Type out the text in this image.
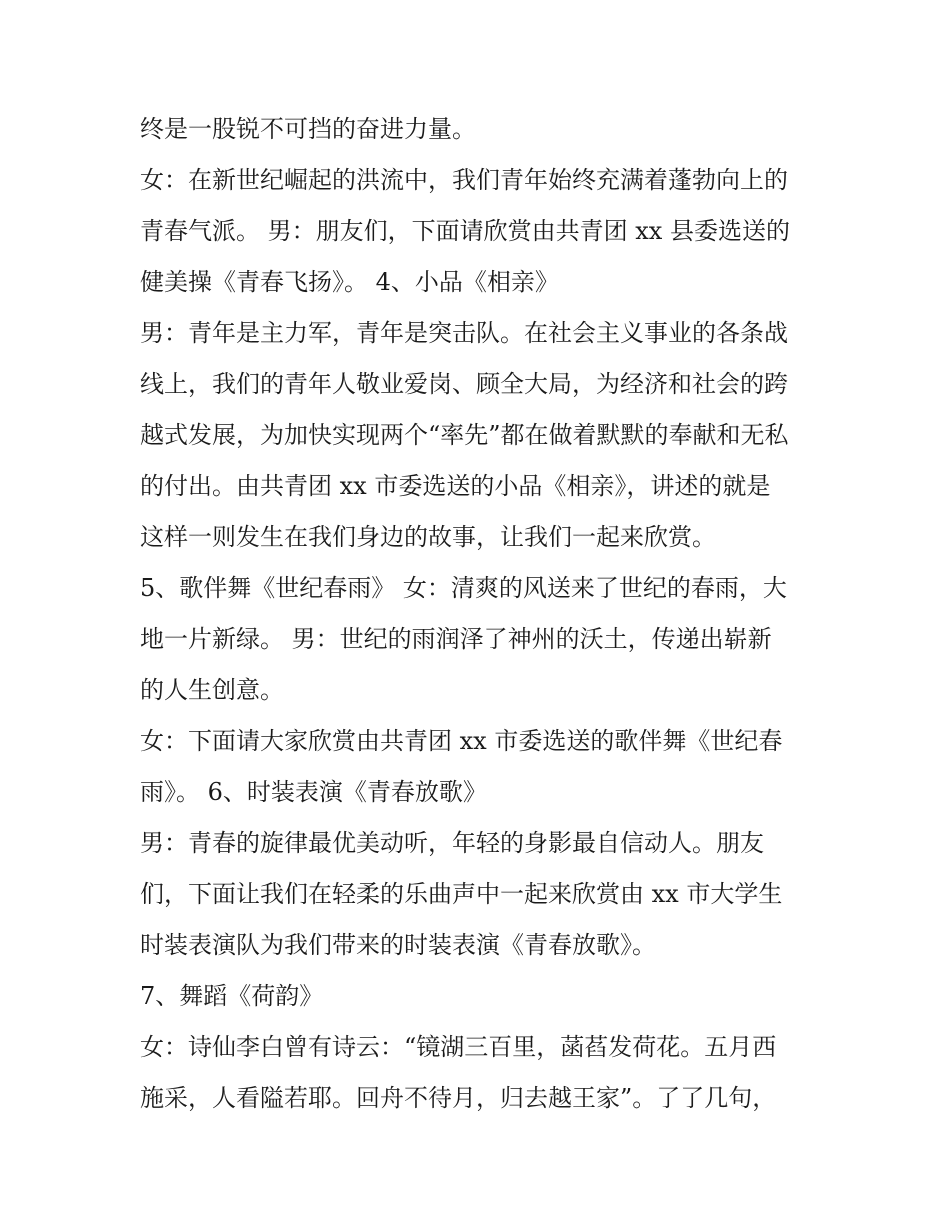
终是一股锐不可挡的奋进力量。
女：在新世纪崛起的洪流中，我们青年始终充满着蓬勃向上的
青春气派。 男：朋友们，下面请欣赏由共青团 xx 县委选送的
健美操《青春飞扬》。 4、小品《相亲》
男：青年是主力军，青年是突击队。在社会主义事业的各条战
线上，我们的青年人敬业爱岗、顾全大局，为经济和社会的跨
越式发展，为加快实现两个“率先”都在做着默默的奉献和无私
的付出。由共青团 xx 市委选送的小品《相亲》，讲述的就是
这样一则发生在我们身边的故事，让我们一起来欣赏。
5、歌伴舞《世纪春雨》 女：清爽的风送来了世纪的春雨，大
地一片新绿。 男：世纪的雨润泽了神州的沃土，传递出崭新
的人生创意。
女：下面请大家欣赏由共青团 xx 市委选送的歌伴舞《世纪春
雨》。 6、时装表演《青春放歌》
男：青春的旋律最优美动听，年轻的身影最自信动人。朋友
们，下面让我们在轻柔的乐曲声中一起来欣赏由 xx 市大学生
时装表演队为我们带来的时装表演《青春放歌》。
7、舞蹈《荷韵》
女：诗仙李白曾有诗云：“镜湖三百里，菡萏发荷花。五月西
施采，人看隘若耶。回舟不待月，归去越王家”。了了几句，
